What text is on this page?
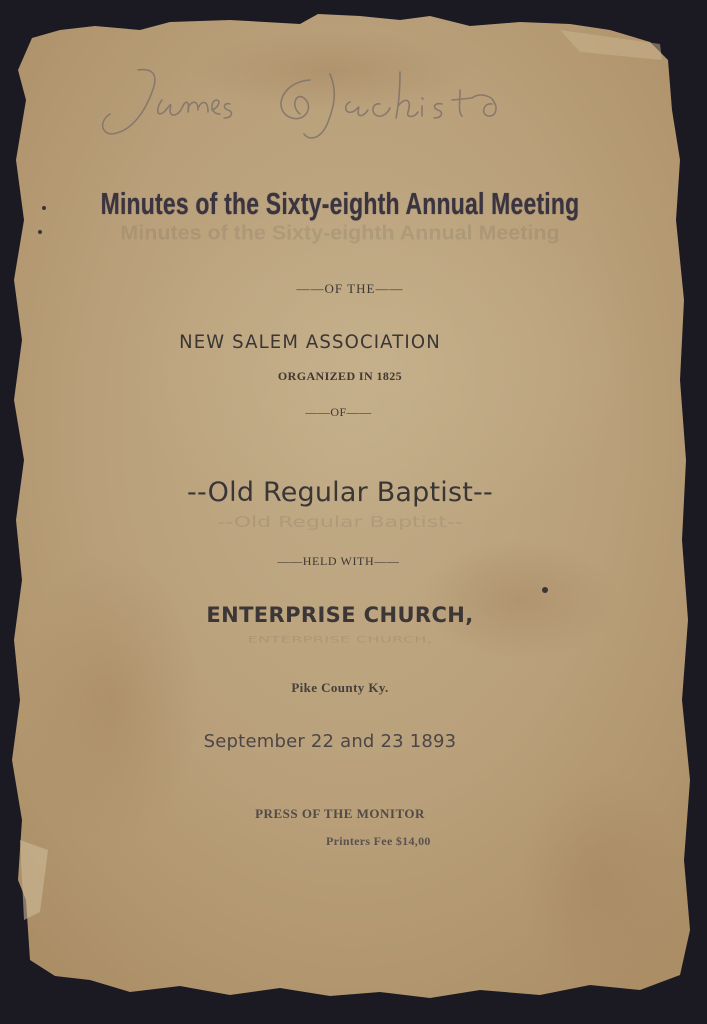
Minutes of the Sixty-eighth Annual Meeting
Minutes of the Sixty-eighth Annual Meeting
——OF THE——
NEW SALEM ASSOCIATION
ORGANIZED IN 1825
——OF——
--Old Regular Baptist--
--Old Regular Baptist--
——HELD WITH——
ENTERPRISE CHURCH,
ENTERPRISE CHURCH,
Pike County Ky.
September 22 and 23 1893
PRESS OF THE MONITOR
Printers Fee $14,00
